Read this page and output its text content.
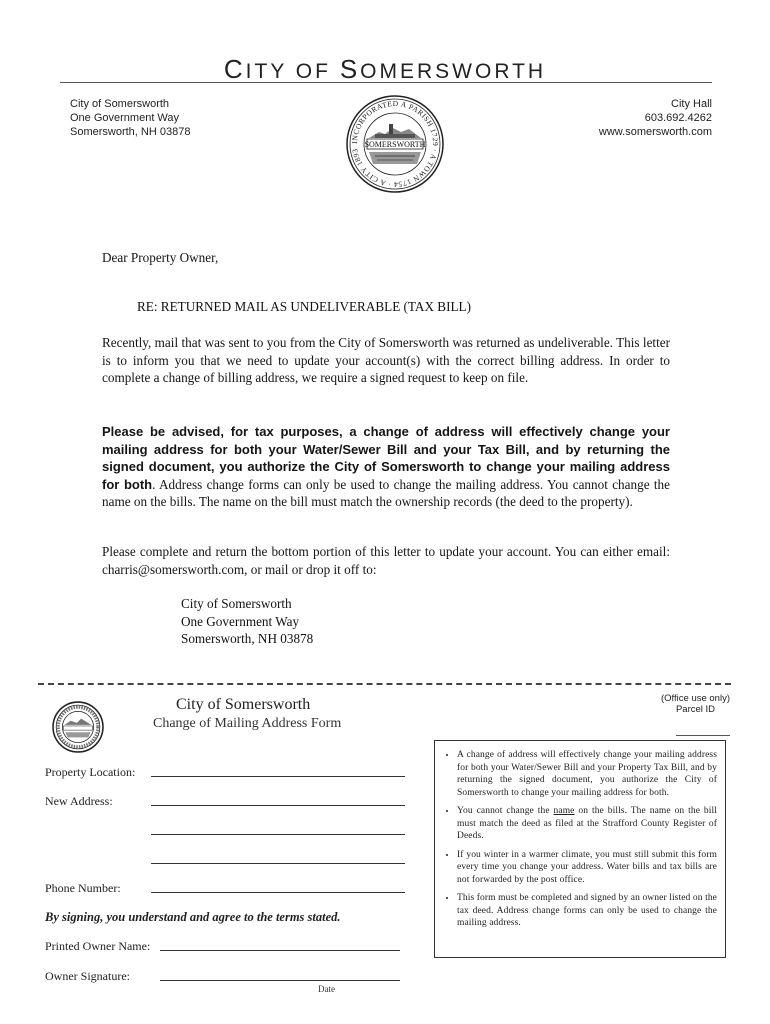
CITY OF SOMERSWORTH
City of Somersworth
One Government Way
Somersworth, NH 03878
City Hall
603.692.4262
www.somersworth.com
INCORPORATED A PARISH 1729 · A TOWN 1754 · A CITY 1893
SOMERSWORTH
Dear Property Owner,
RE: RETURNED MAIL AS UNDELIVERABLE (TAX BILL)
Recently, mail that was sent to you from the City of Somersworth was returned as undeliverable. This letter is to inform you that we need to update your account(s) with the correct billing address. In order to complete a change of billing address, we require a signed request to keep on file.
Please be advised, for tax purposes, a change of address will effectively change your mailing address for both your Water/Sewer Bill and your Tax Bill, and by returning the signed document, you authorize the City of Somersworth to change your mailing address for both. Address change forms can only be used to change the mailing address. You cannot change the name on the bills. The name on the bill must match the ownership records (the deed to the property).
Please complete and return the bottom portion of this letter to update your account. You can either email: charris@somersworth.com, or mail or drop it off to:
City of Somersworth
One Government Way
Somersworth, NH 03878
City of Somersworth
Change of Mailing Address Form
(Office use only)
Parcel ID
Property Location:
New Address:
Phone Number:
By signing, you understand and agree to the terms stated.
Printed Owner Name:
Owner Signature:
Date
• A change of address will effectively change your mailing address for both your Water/Sewer Bill and your Property Tax Bill, and by returning the signed document, you authorize the City of Somersworth to change your mailing address for both.
• You cannot change the name on the bills. The name on the bill must match the deed as filed at the Strafford County Register of Deeds.
• If you winter in a warmer climate, you must still submit this form every time you change your address. Water bills and tax bills are not forwarded by the post office.
• This form must be completed and signed by an owner listed on the tax deed. Address change forms can only be used to change the mailing address.
